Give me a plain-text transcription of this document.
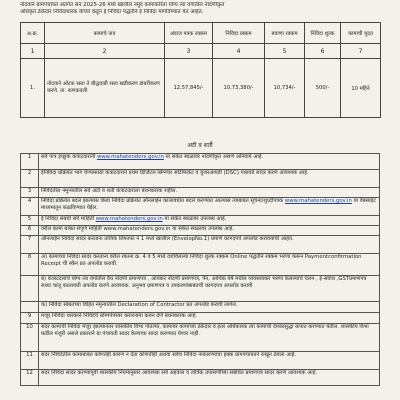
नोदवाने ग्रामपंचायत अंतर्गत सन 2025-26 मध्ये खालील नमुद कामांकरिता योग्य त्या वर्गातील नोंदणीकृत
अधिकृत ठेकेदार निविदाधारक यांच्या कडून ई निविदा पद्धतीने ई निविदा मागविण्यात येत आहेत.
अ.क्र.	कामाचे नाव	अंदाज पत्रक रक्कम	निविदा रक्कम	बयाणा रक्कम	निविदा शुल्क	कामाची मुदत
1	2	3	4	5	6	7
1.	नोदवाने ओटक रस्ता ते बौद्धवाडी रस्ता खडीकरण डांबरीकरण करणे. ता. कणकवली	12,57,845/-	10,73,380/-	10,734/-	500/-	10 महिने
अटी व शर्ती
1	सर्व पात्र इच्छुक कंत्राटदारांनी www.mahatenders.gov.in या संकेत स्थळावर नोंदणीकृत असणे अनिवार्य आहे.
2	ईनिविदा प्रक्रियेत भाग घेण्यासाठी कंत्राटदाराने प्रथम डिजिटल सिग्नेचर सर्टिफिकेट व युजरआयडी (DSC) पासवर्ड सादर करणे आवश्यक आहे.
3	निविदेतील नमुन्यातील सर्व अटी व शर्ती कंत्राटदाराला बंधनकारक राहील.
4	निविदा प्रक्रियेत बदल झाल्यास किंवा निविदा प्रक्रियेत ऑनलाईन कालावधीत बदल करण्यात आल्यास त्याबाबत सूचना/शुध्दीपत्रक www.mahatenders.gov.in या वेबसाईट माध्यमातून कळविण्यात येईल.
5	ई निविदा संबधी सर्व माहिती www.mahatenders.gov.in या संकेत स्थळावर उपलब्ध आहे.
6	वरील कामा बाबत संपूर्ण माहिती www.mahatenders.gov.in या संकेत स्थळावर उपलब्ध आहे.
7	ऑनलाईन निविदा सादर करताना तांत्रिक लिफाफा नं 1 मध्ये खालील (EnvelopNo.1) प्रमाणे कागदपत्रे अपलोड करावयाची आहेत.
8	अ) कामाच्या निविदा सादर करताना वरील रकाना क्र. 4 व 5 मध्ये दर्शविलेल्या निविदा शुल्क रक्कम Online पद्धतीने रक्कम भरणा करून Paymentconfirmation Receipt ची स्कॅन प्रत अपलोड करावी.
	ब) कंत्राटदाराचे योग्य त्या वर्गातील वैध नोंदणी प्रमाणपत्र , आयकर नोंदणी प्रमाणपत्र, पॅन, आर्थिक वर्षे मधील व्यवसायकर भरणा केलेल्याचे चलन , ई-सर्वाध ,GSTप्रमाणपत्र सध्या चालू कालावधी अपलोड करणे आवश्यक. अनुभव प्रमाणपत्र व उपकरणांबाबतची कागदपत्र अपलोड करावी
	क) निविदा सोबतच्या विहित नमुन्यातील Declaration of Contractor प्रत अपलोड करावी लागेल.
9	मंजूर निविदा धारकाने निविदेचे स्टॅम्पपेपरवर करारनामा करुन देणे बंधनकारक आहे.
10	सदर कामाची निविदा मंजूर झाल्यानंतर शासकीय विभा गोतल्या, कामावर कामाच्या ठेकेदार व इतर अधिकारक त्या कामाची देयकासुद्धा कपात करण्यात येतील. शासकीय विभा कडील मंजुरी असले प्रकाराने ग्रा पंचायती सादर केल्याचा सादर करण्यात येणार नाही.
11	सदर निविदेतील कामाबाबत कोणतेही कारण न देता कोणतीही अथवा सर्वच निविदा नाकारण्याचा हक्क प्रामपंचायतने राखून ठेवला आहे.
12	सदर निविदा सादर करण्यापूर्वी शासकीय नियमानुसार आवश्यक सर्व अहवाल व तांत्रिक तपासणीच्या संबंधित प्रमाणपत्र सादर करणे आवश्यक आहे.
